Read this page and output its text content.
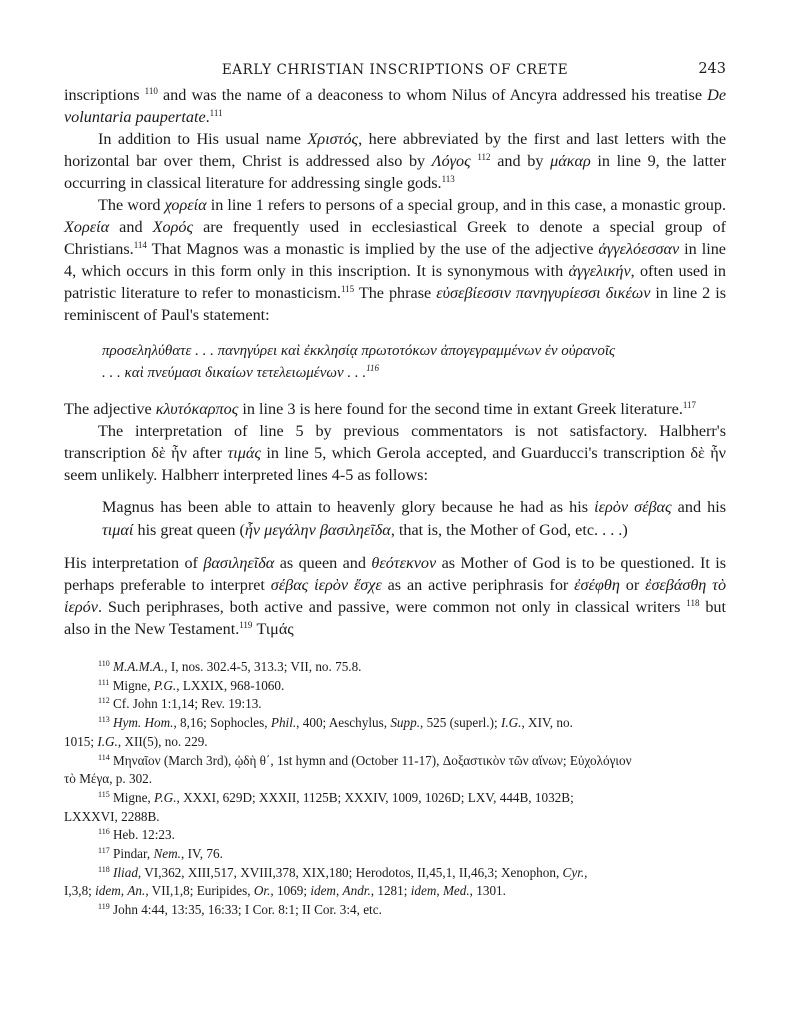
EARLY CHRISTIAN INSCRIPTIONS OF CRETE	243

inscriptions $^{110}$ and was the name of a deaconess to whom Nilus of Ancyra addressed his treatise De voluntaria paupertate.$^{111}$

In addition to His usual name Χριστός, here abbreviated by the first and last letters with the horizontal bar over them, Christ is addressed also by Λόγος $^{112}$ and by μάκαρ in line 9, the latter occurring in classical literature for addressing single gods.$^{113}$

The word χορεία in line 1 refers to persons of a special group, and in this case, a monastic group. Χορεία and Χορός are frequently used in ecclesiastical Greek to denote a special group of Christians.$^{114}$ That Magnos was a monastic is implied by the use of the adjective ἀγγελόεσσαν in line 4, which occurs in this form only in this inscription. It is synonymous with ἀγγελικήν, often used in patristic literature to refer to monasticism.$^{115}$ The phrase εὐσεβίεσσιν πανηγυρίεσσι δικέων in line 2 is reminiscent of Paul's statement:

προσεληλύθατε . . . πανηγύρει καὶ ἐκκλησίᾳ πρωτοτόκων ἀπογεγραμμένων ἐν οὐρανοῖς
. . . καὶ πνεύμασι δικαίων τετελειωμένων . . .$^{116}$

The adjective κλυτόκαρπος in line 3 is here found for the second time in extant Greek literature.$^{117}$

The interpretation of line 5 by previous commentators is not satisfactory. Halbherr's transcription δὲ ἦν after τιμάς in line 5, which Gerola accepted, and Guarducci's transcription δὲ ἦν seem unlikely. Halbherr interpreted lines 4-5 as follows:

Magnus has been able to attain to heavenly glory because he had as his ἱερὸν σέβας and his τιμαί his great queen (ἦν μεγάλην βασιληεῖδα, that is, the Mother of God, etc. . . .)

His interpretation of βασιληεῖδα as queen and θεότεκνον as Mother of God is to be questioned. It is perhaps preferable to interpret σέβας ἱερὸν ἔσχε as an active periphrasis for ἐσέφθη or ἐσεβάσθη τὸ ἱερόν. Such periphrases, both active and passive, were common not only in classical writers $^{118}$ but also in the New Testament.$^{119}$ Τιμάς

$^{110}$ M.A.M.A., I, nos. 302.4-5, 313.3; VII, no. 75.8.
$^{111}$ Migne, P.G., LXXIX, 968-1060.
$^{112}$ Cf. John 1:1,14; Rev. 19:13.
$^{113}$ Hym. Hom., 8,16; Sophocles, Phil., 400; Aeschylus, Supp., 525 (superl.); I.G., XIV, no.
1015; I.G., XII(5), no. 229.
$^{114}$ Μηναῖον (March 3rd), ᾠδὴ θ΄, 1st hymn and (October 11-17), Δοξαστικὸν τῶν αἴνων; Εὐχολόγιον
τὸ Μέγα, p. 302.
$^{115}$ Migne, P.G., XXXI, 629D; XXXII, 1125B; XXXIV, 1009, 1026D; LXV, 444B, 1032B;
LXXXVI, 2288B.
$^{116}$ Heb. 12:23.
$^{117}$ Pindar, Nem., IV, 76.
$^{118}$ Iliad, VI,362, XIII,517, XVIII,378, XIX,180; Herodotos, II,45,1, II,46,3; Xenophon, Cyr.,
I,3,8; idem, An., VII,1,8; Euripides, Or., 1069; idem, Andr., 1281; idem, Med., 1301.
$^{119}$ John 4:44, 13:35, 16:33; I Cor. 8:1; II Cor. 3:4, etc.
